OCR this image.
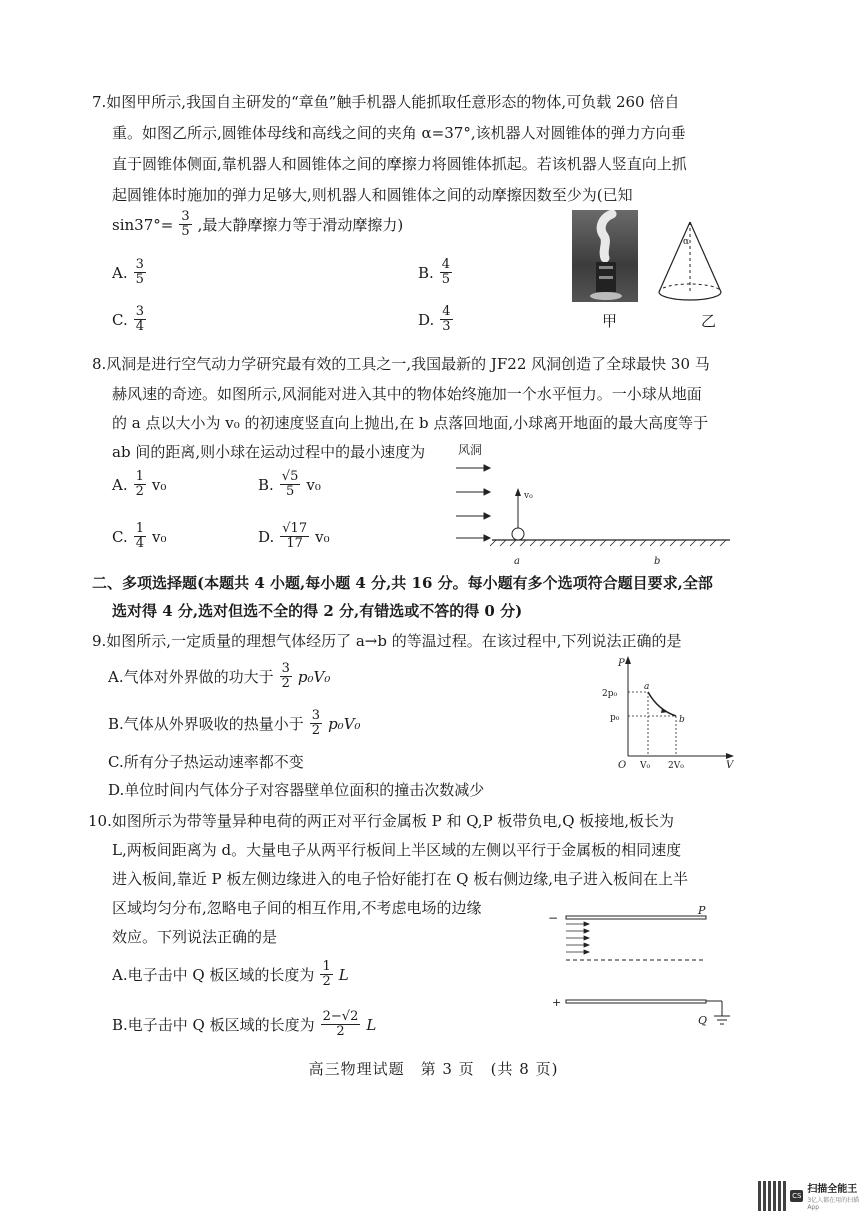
7.如图甲所示,我国自主研发的“章鱼”触手机器人能抓取任意形态的物体,可负载 260 倍自
重。如图乙所示,圆锥体母线和高线之间的夹角 α=37°,该机器人对圆锥体的弹力方向垂
直于圆锥体侧面,靠机器人和圆锥体之间的摩擦力将圆锥体抓起。若该机器人竖直向上抓
起圆锥体时施加的弹力足够大,则机器人和圆锥体之间的动摩擦因数至少为(已知
$\sin 37^\circ= \frac{3}{5}$ ,最大静摩擦力等于滑动摩擦力)
A. $\frac{3}{5}$	B. $\frac{4}{5}$
C. $\frac{3}{4}$	D. $\frac{4}{3}$	甲
α
乙
8.风洞是进行空气动力学研究最有效的工具之一,我国最新的 JF22 风洞创造了全球最快 30 马
赫风速的奇迹。如图所示,风洞能对进入其中的物体始终施加一个水平恒力。一小球从地面
的 a 点以大小为 v₀ 的初速度竖直向上抛出,在 b 点落回地面,小球离开地面的最大高度等于
ab 间的距离,则小球在运动过程中的最小速度为
A. $\frac{1}{2} v_0$	B. $\frac{√5}{5} v_0$
C. $\frac{1}{4} v_0$	D. $\frac{√17}{17} v_0$
风洞
v₀
a	b
二、多项选择题(本题共 4 小题,每小题 4 分,共 16 分。每小题有多个选项符合题目要求,全部
选对得 4 分,选对但选不全的得 2 分,有错选或不答的得 0 分)
9.如图所示,一定质量的理想气体经历了 a→b 的等温过程。在该过程中,下列说法正确的是
A.气体对外界做的功大于 $\frac{3}{2} p_0V_0$
B.气体从外界吸收的热量小于 $\frac{3}{2} p_0V_0$
C.所有分子热运动速率都不变
D.单位时间内气体分子对容器壁单位面积的撞击次数减少
P
V
O
2p₀
p₀
V₀ 2V₀
a
b
10.如图所示为带等量异种电荷的两正对平行金属板 P 和 Q,P 板带负电,Q 板接地,板长为
L,两板间距离为 d。大量电子从两平行板间上半区域的左侧以平行于金属板的相同速度
进入板间,靠近 P 板左侧边缘进入的电子恰好能打在 Q 板右侧边缘,电子进入板间在上半
区域均匀分布,忽略电子间的相互作用,不考虑电场的边缘
效应。下列说法正确的是
A.电子击中 Q 板区域的长度为 $\frac{1}{2}$ L
B.电子击中 Q 板区域的长度为 $\frac{2-√2}{2}$ L
−
P
+
Q
高三物理试题　第 3 页　(共 8 页)
CS
扫描全能王
3亿人都在用的扫描App
